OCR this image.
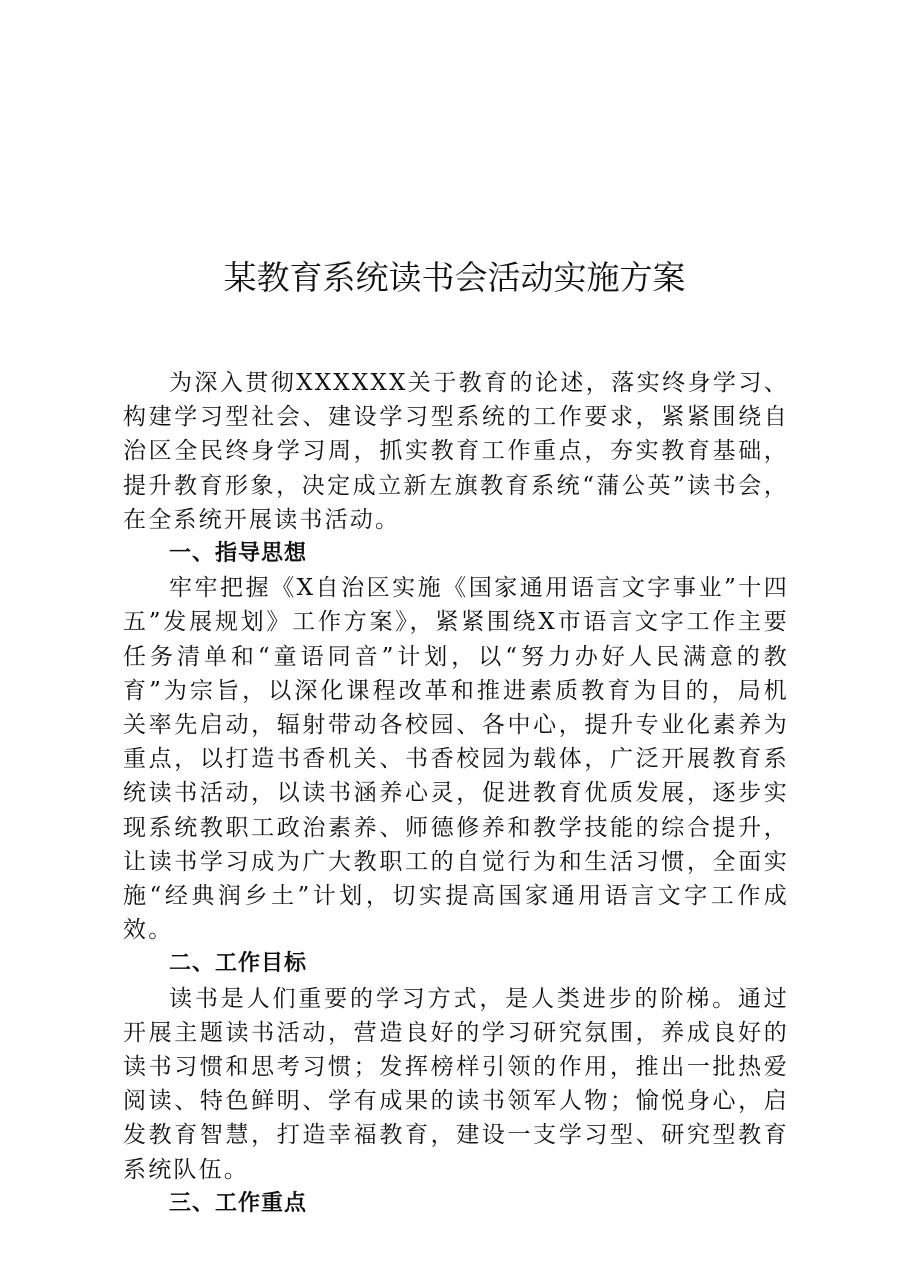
某教育系统读书会活动实施方案

为深入贯彻XXXXXX关于教育的论述，落实终身学习、构建学习型社会、建设学习型系统的工作要求，紧紧围绕自治区全民终身学习周，抓实教育工作重点，夯实教育基础，提升教育形象，决定成立新左旗教育系统“蒲公英”读书会，在全系统开展读书活动。

一、指导思想

牢牢把握《X自治区实施《国家通用语言文字事业”十四五”发展规划》工作方案》，紧紧围绕X市语言文字工作主要任务清单和“童语同音”计划，以“努力办好人民满意的教育”为宗旨，以深化课程改革和推进素质教育为目的，局机关率先启动，辐射带动各校园、各中心，提升专业化素养为重点，以打造书香机关、书香校园为载体，广泛开展教育系统读书活动，以读书涵养心灵，促进教育优质发展，逐步实现系统教职工政治素养、师德修养和教学技能的综合提升，让读书学习成为广大教职工的自觉行为和生活习惯，全面实施“经典润乡土”计划，切实提高国家通用语言文字工作成效。

二、工作目标

读书是人们重要的学习方式，是人类进步的阶梯。通过开展主题读书活动，营造良好的学习研究氛围，养成良好的读书习惯和思考习惯；发挥榜样引领的作用，推出一批热爱阅读、特色鲜明、学有成果的读书领军人物；愉悦身心，启发教育智慧，打造幸福教育，建设一支学习型、研究型教育系统队伍。

三、工作重点
